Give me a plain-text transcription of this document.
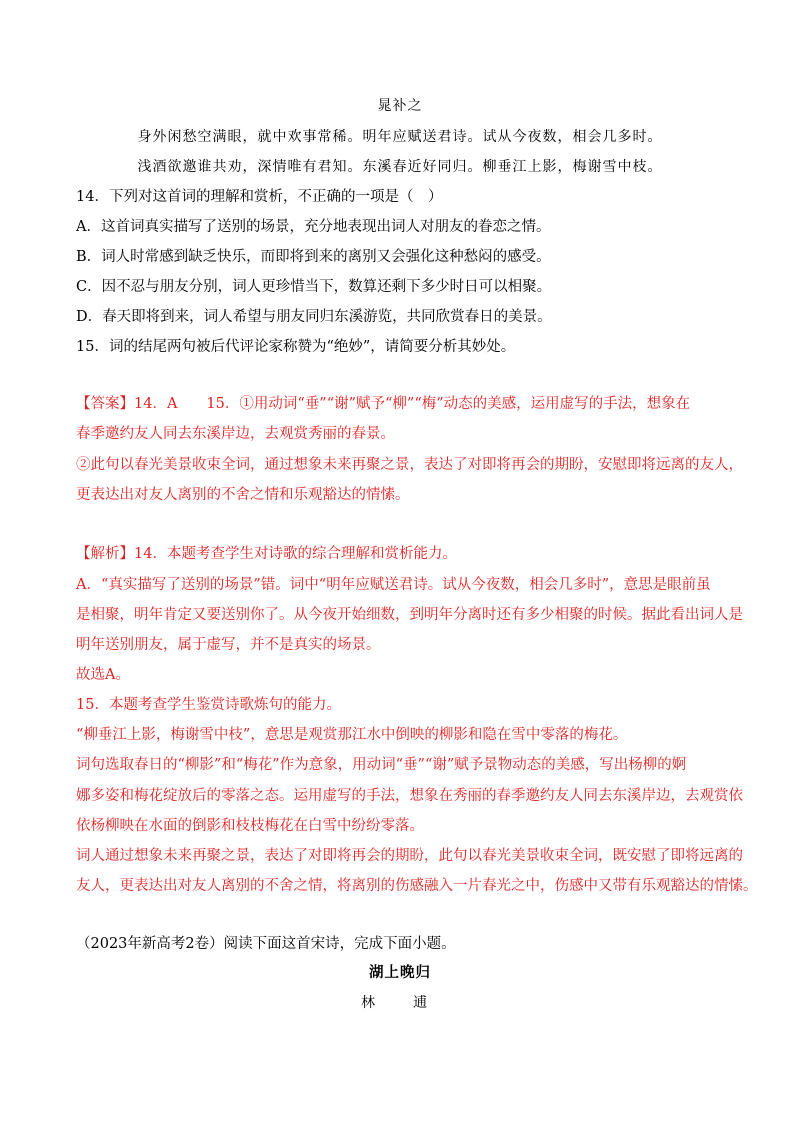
晁补之
身外闲愁空满眼，就中欢事常稀。明年应赋送君诗。试从今夜数，相会几多时。
浅酒欲邀谁共劝，深情唯有君知。东溪春近好同归。柳垂江上影，梅谢雪中枝。
14．下列对这首词的理解和赏析，不正确的一项是（　）
A．这首词真实描写了送别的场景，充分地表现出词人对朋友的眷恋之情。
B．词人时常感到缺乏快乐，而即将到来的离别又会强化这种愁闷的感受。
C．因不忍与朋友分别，词人更珍惜当下，数算还剩下多少时日可以相聚。
D．春天即将到来，词人希望与朋友同归东溪游览，共同欣赏春日的美景。
15．词的结尾两句被后代评论家称赞为“绝妙”，请简要分析其妙处。
【答案】14．A　　15．①用动词“垂”“谢”赋予“柳”“梅”动态的美感，运用虚写的手法，想象在
春季邀约友人同去东溪岸边，去观赏秀丽的春景。
②此句以春光美景收束全词，通过想象未来再聚之景，表达了对即将再会的期盼，安慰即将远离的友人，
更表达出对友人离别的不舍之情和乐观豁达的情愫。
【解析】14．本题考查学生对诗歌的综合理解和赏析能力。
A．“真实描写了送别的场景”错。词中“明年应赋送君诗。试从今夜数，相会几多时”，意思是眼前虽
是相聚，明年肯定又要送别你了。从今夜开始细数，到明年分离时还有多少相聚的时候。据此看出词人是
明年送别朋友，属于虚写，并不是真实的场景。
故选A。
15．本题考查学生鉴赏诗歌炼句的能力。
“柳垂江上影，梅谢雪中枝”，意思是观赏那江水中倒映的柳影和隐在雪中零落的梅花。
词句选取春日的“柳影”和“梅花”作为意象，用动词“垂”“谢”赋予景物动态的美感，写出杨柳的婀
娜多姿和梅花绽放后的零落之态。运用虚写的手法，想象在秀丽的春季邀约友人同去东溪岸边，去观赏依
依杨柳映在水面的倒影和枝枝梅花在白雪中纷纷零落。
词人通过想象未来再聚之景，表达了对即将再会的期盼，此句以春光美景收束全词，既安慰了即将远离的
友人，更表达出对友人离别的不舍之情，将离别的伤感融入一片春光之中，伤感中又带有乐观豁达的情愫。
（2023年新高考2卷）阅读下面这首宋诗，完成下面小题。
湖上晚归
林　逋
